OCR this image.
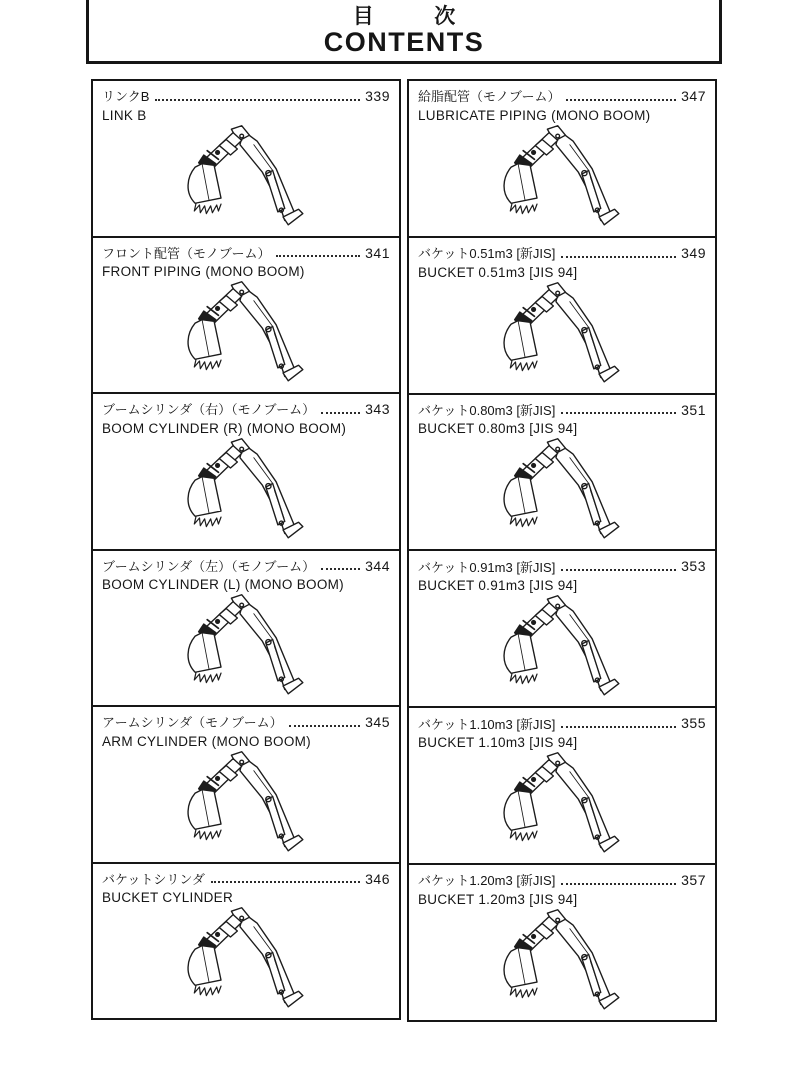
目 次
CONTENTS
リンクB	339
LINK B
フロント配管（モノブーム）	341
FRONT PIPING (MONO BOOM)
ブームシリンダ（右）（モノブーム）	343
BOOM CYLINDER (R) (MONO BOOM)
ブームシリンダ（左）（モノブーム）	344
BOOM CYLINDER (L) (MONO BOOM)
アームシリンダ（モノブーム）	345
ARM CYLINDER (MONO BOOM)
バケットシリンダ	346
BUCKET CYLINDER
給脂配管（モノブーム）	347
LUBRICATE PIPING (MONO BOOM)
バケット0.51m3 [新JIS]	349
BUCKET 0.51m3 [JIS 94]
バケット0.80m3 [新JIS]	351
BUCKET 0.80m3 [JIS 94]
バケット0.91m3 [新JIS]	353
BUCKET 0.91m3 [JIS 94]
バケット1.10m3 [新JIS]	355
BUCKET 1.10m3 [JIS 94]
バケット1.20m3 [新JIS]	357
BUCKET 1.20m3 [JIS 94]
